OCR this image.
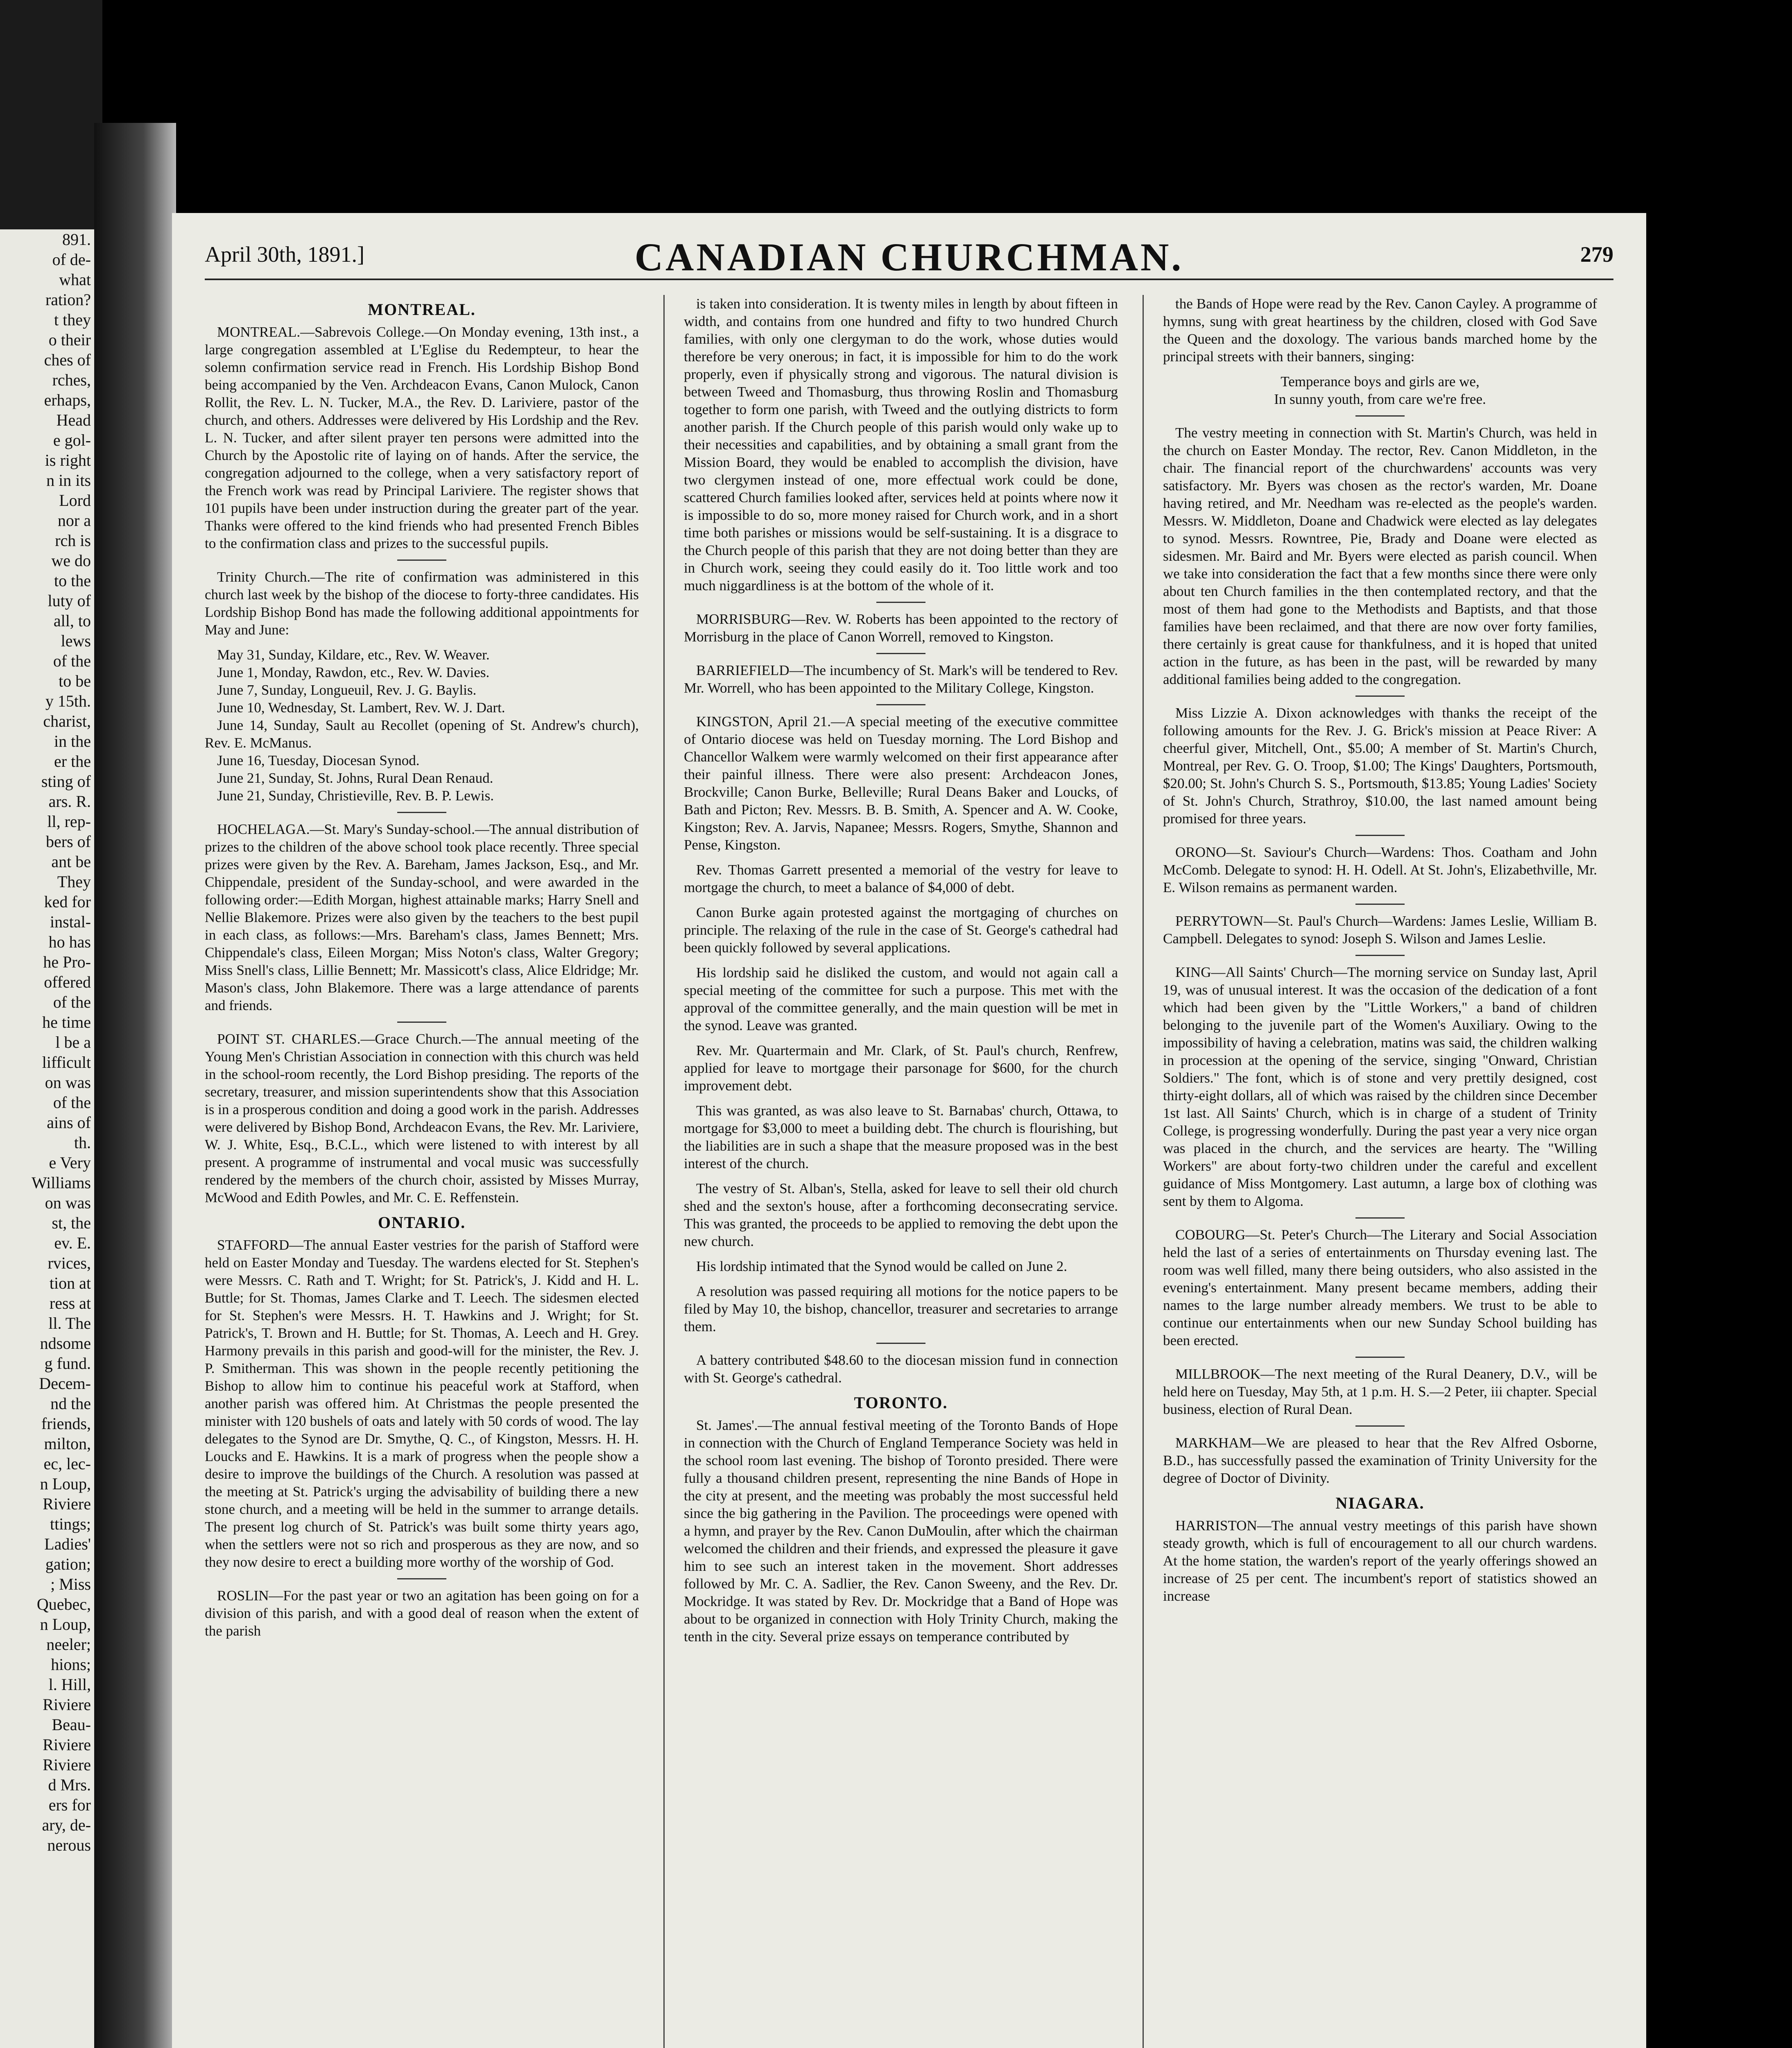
891.
of de-
what
ration?
t they
o their
ches of
rches,
erhaps,
Head
e gol-
is right
n in its
Lord
nor a
rch is
we do
to the
luty of
all, to
lews
of the
to be
y 15th.
charist,
in the
er the
sting of
ars. R.
ll, rep-
bers of
ant be
They
ked for
instal-
ho has
he Pro-
offered
of the
he time
l be a
lifficult
on was
of the
ains of
th.
e Very
Williams
on was
st, the
ev. E.
rvices,
tion at
ress at
ll. The
ndsome
g fund.
Decem-
nd the
friends,
milton,
ec, lec-
n Loup,
Riviere
ttings;
Ladies'
gation;
; Miss
Quebec,
n Loup,
neeler;
hions;
l. Hill,
Riviere
Beau-
Riviere
Riviere
d Mrs.
ers for
ary, de-
nerous
April 30th, 1891.]	CANADIAN CHURCHMAN.	279
MONTREAL.

MONTREAL.—Sabrevois College.—On Monday evening, 13th inst., a large congregation assembled at L'Eglise du Redempteur, to hear the solemn confirmation service read in French. His Lordship Bishop Bond being accompanied by the Ven. Archdeacon Evans, Canon Mulock, Canon Rollit, the Rev. L. N. Tucker, M.A., the Rev. D. Lariviere, pastor of the church, and others. Addresses were delivered by His Lordship and the Rev. L. N. Tucker, and after silent prayer ten persons were admitted into the Church by the Apostolic rite of laying on of hands. After the service, the congregation adjourned to the college, when a very satisfactory report of the French work was read by Principal Lariviere. The register shows that 101 pupils have been under instruction during the greater part of the year. Thanks were offered to the kind friends who had presented French Bibles to the confirmation class and prizes to the successful pupils.

Trinity Church.—The rite of confirmation was administered in this church last week by the bishop of the diocese to forty-three candidates. His Lordship Bishop Bond has made the following additional appointments for May and June:

May 31, Sunday, Kildare, etc., Rev. W. Weaver.

June 1, Monday, Rawdon, etc., Rev. W. Davies.

June 7, Sunday, Longueuil, Rev. J. G. Baylis.

June 10, Wednesday, St. Lambert, Rev. W. J. Dart.

June 14, Sunday, Sault au Recollet (opening of St. Andrew's church), Rev. E. McManus.

June 16, Tuesday, Diocesan Synod.

June 21, Sunday, St. Johns, Rural Dean Renaud.

June 21, Sunday, Christieville, Rev. B. P. Lewis.

HOCHELAGA.—St. Mary's Sunday-school.—The annual distribution of prizes to the children of the above school took place recently. Three special prizes were given by the Rev. A. Bareham, James Jackson, Esq., and Mr. Chippendale, president of the Sunday-school, and were awarded in the following order:—Edith Morgan, highest attainable marks; Harry Snell and Nellie Blakemore. Prizes were also given by the teachers to the best pupil in each class, as follows:—Mrs. Bareham's class, James Bennett; Mrs. Chippendale's class, Eileen Morgan; Miss Noton's class, Walter Gregory; Miss Snell's class, Lillie Bennett; Mr. Massicott's class, Alice Eldridge; Mr. Mason's class, John Blakemore. There was a large attendance of parents and friends.

POINT ST. CHARLES.—Grace Church.—The annual meeting of the Young Men's Christian Association in connection with this church was held in the school-room recently, the Lord Bishop presiding. The reports of the secretary, treasurer, and mission superintendents show that this Association is in a prosperous condition and doing a good work in the parish. Addresses were delivered by Bishop Bond, Archdeacon Evans, the Rev. Mr. Lariviere, W. J. White, Esq., B.C.L., which were listened to with interest by all present. A programme of instrumental and vocal music was successfully rendered by the members of the church choir, assisted by Misses Murray, McWood and Edith Powles, and Mr. C. E. Reffenstein.

ONTARIO.

STAFFORD—The annual Easter vestries for the parish of Stafford were held on Easter Monday and Tuesday. The wardens elected for St. Stephen's were Messrs. C. Rath and T. Wright; for St. Patrick's, J. Kidd and H. L. Buttle; for St. Thomas, James Clarke and T. Leech. The sidesmen elected for St. Stephen's were Messrs. H. T. Hawkins and J. Wright; for St. Patrick's, T. Brown and H. Buttle; for St. Thomas, A. Leech and H. Grey. Harmony prevails in this parish and good-will for the minister, the Rev. J. P. Smitherman. This was shown in the people recently petitioning the Bishop to allow him to continue his peaceful work at Stafford, when another parish was offered him. At Christmas the people presented the minister with 120 bushels of oats and lately with 50 cords of wood. The lay delegates to the Synod are Dr. Smythe, Q. C., of Kingston, Messrs. H. H. Loucks and E. Hawkins. It is a mark of progress when the people show a desire to improve the buildings of the Church. A resolution was passed at the meeting at St. Patrick's urging the advisability of building there a new stone church, and a meeting will be held in the summer to arrange details. The present log church of St. Patrick's was built some thirty years ago, when the settlers were not so rich and prosperous as they are now, and so they now desire to erect a building more worthy of the worship of God.

ROSLIN—For the past year or two an agitation has been going on for a division of this parish, and with a good deal of reason when the extent of the parish

is taken into consideration. It is twenty miles in length by about fifteen in width, and contains from one hundred and fifty to two hundred Church families, with only one clergyman to do the work, whose duties would therefore be very onerous; in fact, it is impossible for him to do the work properly, even if physically strong and vigorous. The natural division is between Tweed and Thomasburg, thus throwing Roslin and Thomasburg together to form one parish, with Tweed and the outlying districts to form another parish. If the Church people of this parish would only wake up to their necessities and capabilities, and by obtaining a small grant from the Mission Board, they would be enabled to accomplish the division, have two clergymen instead of one, more effectual work could be done, scattered Church families looked after, services held at points where now it is impossible to do so, more money raised for Church work, and in a short time both parishes or missions would be self-sustaining. It is a disgrace to the Church people of this parish that they are not doing better than they are in Church work, seeing they could easily do it. Too little work and too much niggardliness is at the bottom of the whole of it.

MORRISBURG—Rev. W. Roberts has been appointed to the rectory of Morrisburg in the place of Canon Worrell, removed to Kingston.

BARRIEFIELD—The incumbency of St. Mark's will be tendered to Rev. Mr. Worrell, who has been appointed to the Military College, Kingston.

KINGSTON, April 21.—A special meeting of the executive committee of Ontario diocese was held on Tuesday morning. The Lord Bishop and Chancellor Walkem were warmly welcomed on their first appearance after their painful illness. There were also present: Archdeacon Jones, Brockville; Canon Burke, Belleville; Rural Deans Baker and Loucks, of Bath and Picton; Rev. Messrs. B. B. Smith, A. Spencer and A. W. Cooke, Kingston; Rev. A. Jarvis, Napanee; Messrs. Rogers, Smythe, Shannon and Pense, Kingston.

Rev. Thomas Garrett presented a memorial of the vestry for leave to mortgage the church, to meet a balance of $4,000 of debt.

Canon Burke again protested against the mortgaging of churches on principle. The relaxing of the rule in the case of St. George's cathedral had been quickly followed by several applications.

His lordship said he disliked the custom, and would not again call a special meeting of the committee for such a purpose. This met with the approval of the committee generally, and the main question will be met in the synod. Leave was granted.

Rev. Mr. Quartermain and Mr. Clark, of St. Paul's church, Renfrew, applied for leave to mortgage their parsonage for $600, for the church improvement debt.

This was granted, as was also leave to St. Barnabas' church, Ottawa, to mortgage for $3,000 to meet a building debt. The church is flourishing, but the liabilities are in such a shape that the measure proposed was in the best interest of the church.

The vestry of St. Alban's, Stella, asked for leave to sell their old church shed and the sexton's house, after a forthcoming deconsecrating service. This was granted, the proceeds to be applied to removing the debt upon the new church.

His lordship intimated that the Synod would be called on June 2.

A resolution was passed requiring all motions for the notice papers to be filed by May 10, the bishop, chancellor, treasurer and secretaries to arrange them.

A battery contributed $48.60 to the diocesan mission fund in connection with St. George's cathedral.

TORONTO.

St. James'.—The annual festival meeting of the Toronto Bands of Hope in connection with the Church of England Temperance Society was held in the school room last evening. The bishop of Toronto presided. There were fully a thousand children present, representing the nine Bands of Hope in the city at present, and the meeting was probably the most successful held since the big gathering in the Pavilion. The proceedings were opened with a hymn, and prayer by the Rev. Canon DuMoulin, after which the chairman welcomed the children and their friends, and expressed the pleasure it gave him to see such an interest taken in the movement. Short addresses followed by Mr. C. A. Sadlier, the Rev. Canon Sweeny, and the Rev. Dr. Mockridge. It was stated by Rev. Dr. Mockridge that a Band of Hope was about to be organized in connection with Holy Trinity Church, making the tenth in the city. Several prize essays on temperance contributed by

the Bands of Hope were read by the Rev. Canon Cayley. A programme of hymns, sung with great heartiness by the children, closed with God Save the Queen and the doxology. The various bands marched home by the principal streets with their banners, singing:

Temperance boys and girls are we,

In sunny youth, from care we're free.

The vestry meeting in connection with St. Martin's Church, was held in the church on Easter Monday. The rector, Rev. Canon Middleton, in the chair. The financial report of the churchwardens' accounts was very satisfactory. Mr. Byers was chosen as the rector's warden, Mr. Doane having retired, and Mr. Needham was re-elected as the people's warden. Messrs. W. Middleton, Doane and Chadwick were elected as lay delegates to synod. Messrs. Rowntree, Pie, Brady and Doane were elected as sidesmen. Mr. Baird and Mr. Byers were elected as parish council. When we take into consideration the fact that a few months since there were only about ten Church families in the then contemplated rectory, and that the most of them had gone to the Methodists and Baptists, and that those families have been reclaimed, and that there are now over forty families, there certainly is great cause for thankfulness, and it is hoped that united action in the future, as has been in the past, will be rewarded by many additional families being added to the congregation.

Miss Lizzie A. Dixon acknowledges with thanks the receipt of the following amounts for the Rev. J. G. Brick's mission at Peace River: A cheerful giver, Mitchell, Ont., $5.00; A member of St. Martin's Church, Montreal, per Rev. G. O. Troop, $1.00; The Kings' Daughters, Portsmouth, $20.00; St. John's Church S. S., Portsmouth, $13.85; Young Ladies' Society of St. John's Church, Strathroy, $10.00, the last named amount being promised for three years.

ORONO—St. Saviour's Church—Wardens: Thos. Coatham and John McComb. Delegate to synod: H. H. Odell. At St. John's, Elizabethville, Mr. E. Wilson remains as permanent warden.

PERRYTOWN—St. Paul's Church—Wardens: James Leslie, William B. Campbell. Delegates to synod: Joseph S. Wilson and James Leslie.

KING—All Saints' Church—The morning service on Sunday last, April 19, was of unusual interest. It was the occasion of the dedication of a font which had been given by the "Little Workers," a band of children belonging to the juvenile part of the Women's Auxiliary. Owing to the impossibility of having a celebration, matins was said, the children walking in procession at the opening of the service, singing "Onward, Christian Soldiers." The font, which is of stone and very prettily designed, cost thirty-eight dollars, all of which was raised by the children since December 1st last. All Saints' Church, which is in charge of a student of Trinity College, is progressing wonderfully. During the past year a very nice organ was placed in the church, and the services are hearty. The "Willing Workers" are about forty-two children under the careful and excellent guidance of Miss Montgomery. Last autumn, a large box of clothing was sent by them to Algoma.

COBOURG—St. Peter's Church—The Literary and Social Association held the last of a series of entertainments on Thursday evening last. The room was well filled, many there being outsiders, who also assisted in the evening's entertainment. Many present became members, adding their names to the large number already members. We trust to be able to continue our entertainments when our new Sunday School building has been erected.

MILLBROOK—The next meeting of the Rural Deanery, D.V., will be held here on Tuesday, May 5th, at 1 p.m. H. S.—2 Peter, iii chapter. Special business, election of Rural Dean.

MARKHAM—We are pleased to hear that the Rev Alfred Osborne, B.D., has successfully passed the examination of Trinity University for the degree of Doctor of Divinity.

NIAGARA.

HARRISTON—The annual vestry meetings of this parish have shown steady growth, which is full of encouragement to all our church wardens. At the home station, the warden's report of the yearly offerings showed an increase of 25 per cent. The incumbent's report of statistics showed an increase
